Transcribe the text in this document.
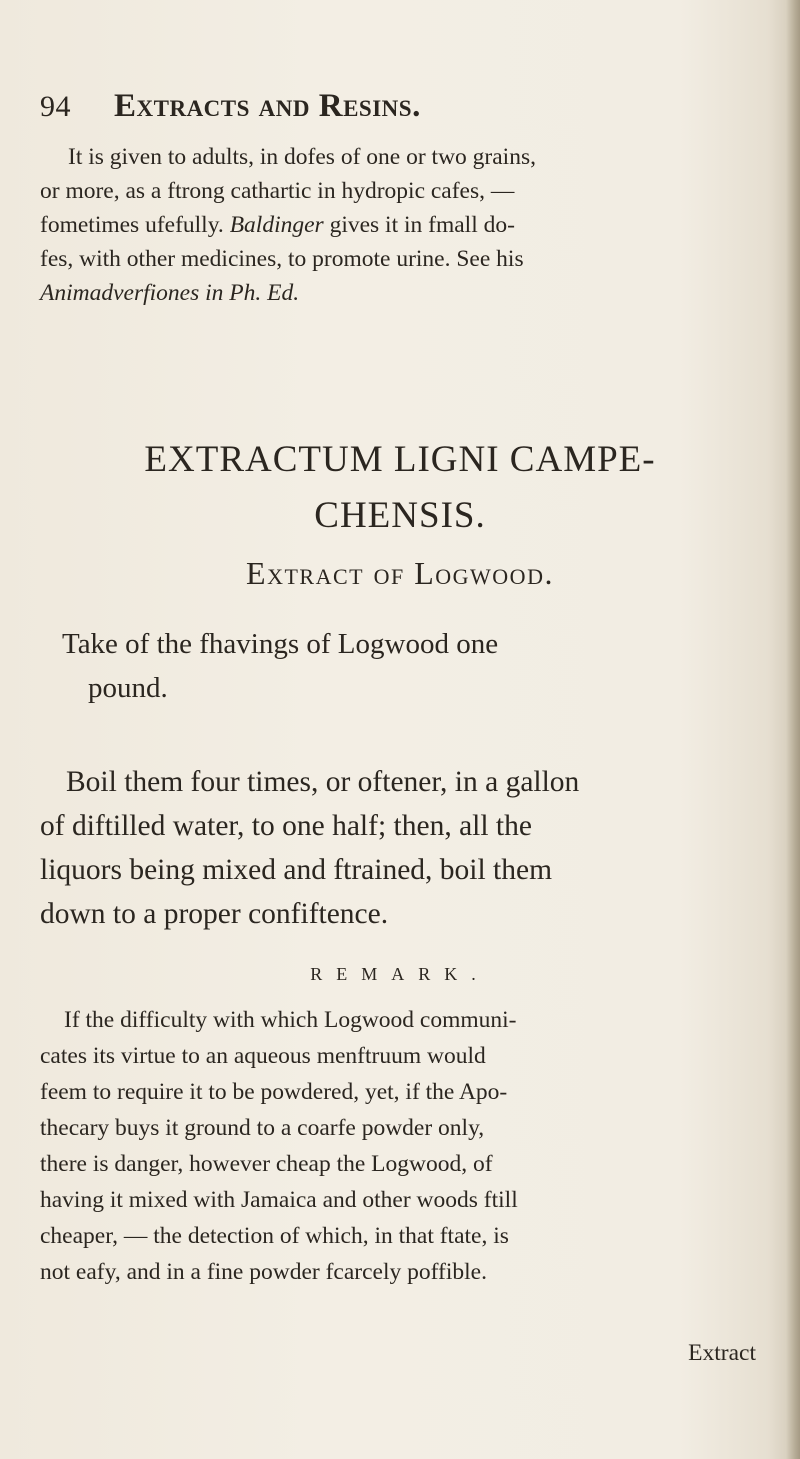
94 Extracts and Resins.
It is given to adults, in dofes of one or two grains,
or more, as a ftrong cathartic in hydropic cafes, —
fometimes ufefully. Baldinger gives it in fmall do-
fes, with other medicines, to promote urine. See his
Animadverfiones in Ph. Ed.
EXTRACTUM LIGNI CAMPE-
CHENSIS.
Extract of Logwood.
Take of the fhavings of Logwood one
pound.
Boil them four times, or oftener, in a gallon
of diftilled water, to one half; then, all the
liquors being mixed and ftrained, boil them
down to a proper confiftence.
REMARK.
If the difficulty with which Logwood communi-
cates its virtue to an aqueous menftruum would
feem to require it to be powdered, yet, if the Apo-
thecary buys it ground to a coarfe powder only,
there is danger, however cheap the Logwood, of
having it mixed with Jamaica and other woods ftill
cheaper, — the detection of which, in that ftate, is
not eafy, and in a fine powder fcarcely poffible.
Extract
